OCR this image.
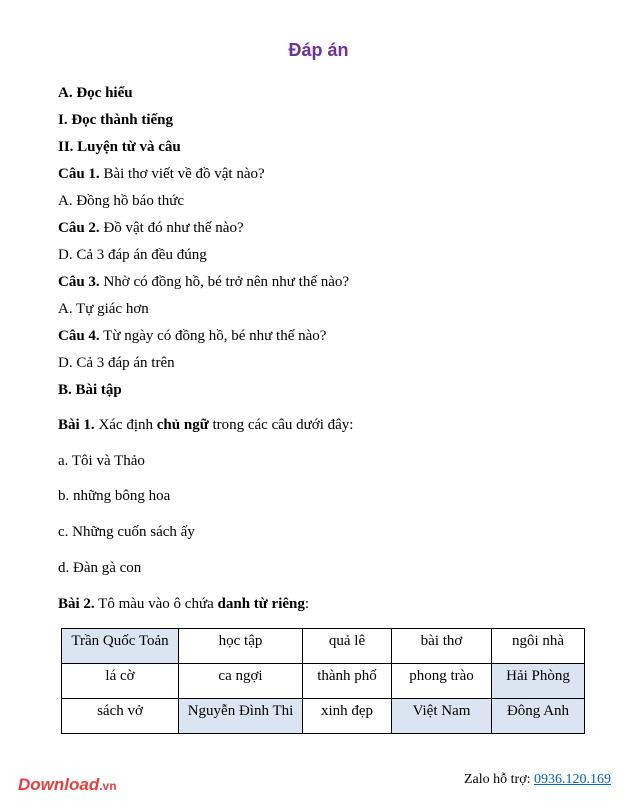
Đáp án
A. Đọc hiểu
I. Đọc thành tiếng
II. Luyện từ và câu
Câu 1. Bài thơ viết về đồ vật nào?
A. Đồng hồ báo thức
Câu 2. Đồ vật đó như thế nào?
D. Cả 3 đáp án đều đúng
Câu 3. Nhờ có đồng hồ, bé trở nên như thế nào?
A. Tự giác hơn
Câu 4. Từ ngày có đồng hồ, bé như thế nào?
D. Cả 3 đáp án trên
B. Bài tập
Bài 1. Xác định chủ ngữ trong các câu dưới đây:
a. Tôi và Thảo
b. những bông hoa
c. Những cuốn sách ấy
d. Đàn gà con
Bài 2. Tô màu vào ô chứa danh từ riêng:
Trần Quốc Toản	học tập	quả lê	bài thơ	ngôi nhà
lá cờ	ca ngợi	thành phố	phong trào	Hải Phòng
sách vở	Nguyễn Đình Thi	xinh đẹp	Việt Nam	Đông Anh
Download.vn	Zalo hỗ trợ: 0936.120.169
